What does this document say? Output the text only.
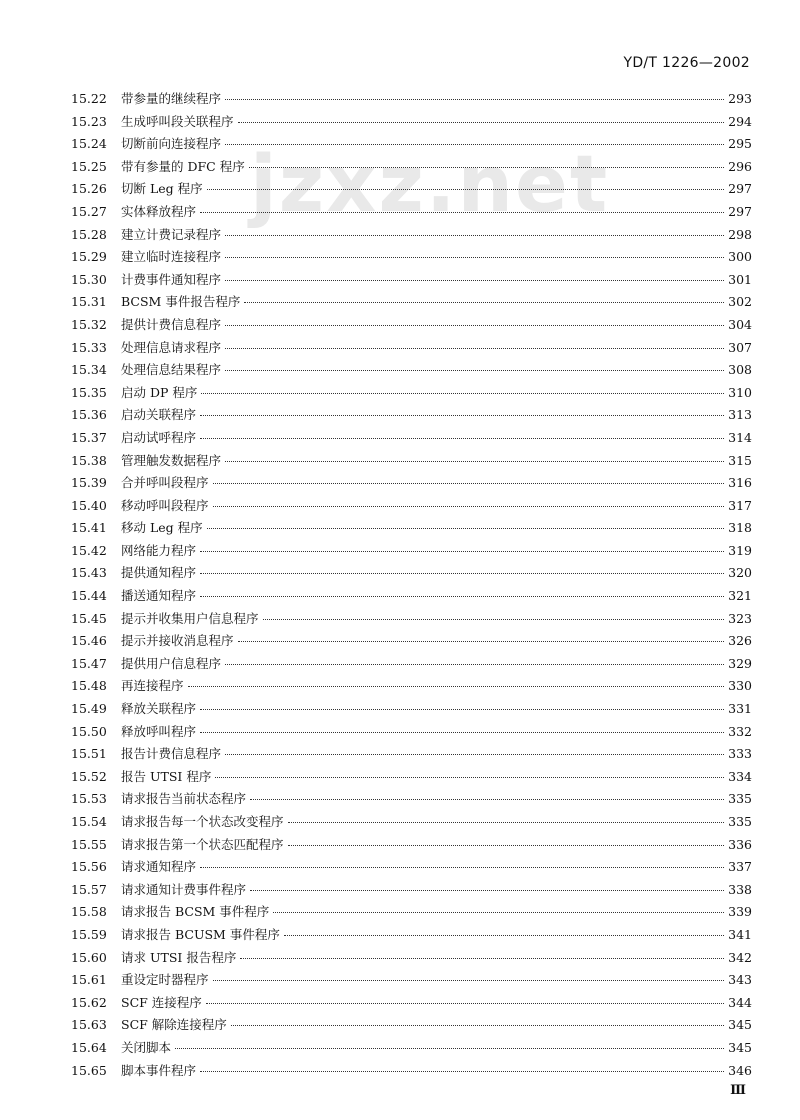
YD/T 1226—2002
jzxz.net
15.22	带参量的继续程序	293
15.23	生成呼叫段关联程序	294
15.24	切断前向连接程序	295
15.25	带有参量的 DFC 程序	296
15.26	切断 Leg 程序	297
15.27	实体释放程序	297
15.28	建立计费记录程序	298
15.29	建立临时连接程序	300
15.30	计费事件通知程序	301
15.31	BCSM 事件报告程序	302
15.32	提供计费信息程序	304
15.33	处理信息请求程序	307
15.34	处理信息结果程序	308
15.35	启动 DP 程序	310
15.36	启动关联程序	313
15.37	启动试呼程序	314
15.38	管理触发数据程序	315
15.39	合并呼叫段程序	316
15.40	移动呼叫段程序	317
15.41	移动 Leg 程序	318
15.42	网络能力程序	319
15.43	提供通知程序	320
15.44	播送通知程序	321
15.45	提示并收集用户信息程序	323
15.46	提示并接收消息程序	326
15.47	提供用户信息程序	329
15.48	再连接程序	330
15.49	释放关联程序	331
15.50	释放呼叫程序	332
15.51	报告计费信息程序	333
15.52	报告 UTSI 程序	334
15.53	请求报告当前状态程序	335
15.54	请求报告每一个状态改变程序	335
15.55	请求报告第一个状态匹配程序	336
15.56	请求通知程序	337
15.57	请求通知计费事件程序	338
15.58	请求报告 BCSM 事件程序	339
15.59	请求报告 BCUSM 事件程序	341
15.60	请求 UTSI 报告程序	342
15.61	重设定时器程序	343
15.62	SCF 连接程序	344
15.63	SCF 解除连接程序	345
15.64	关闭脚本	345
15.65	脚本事件程序	346
Ⅲ
